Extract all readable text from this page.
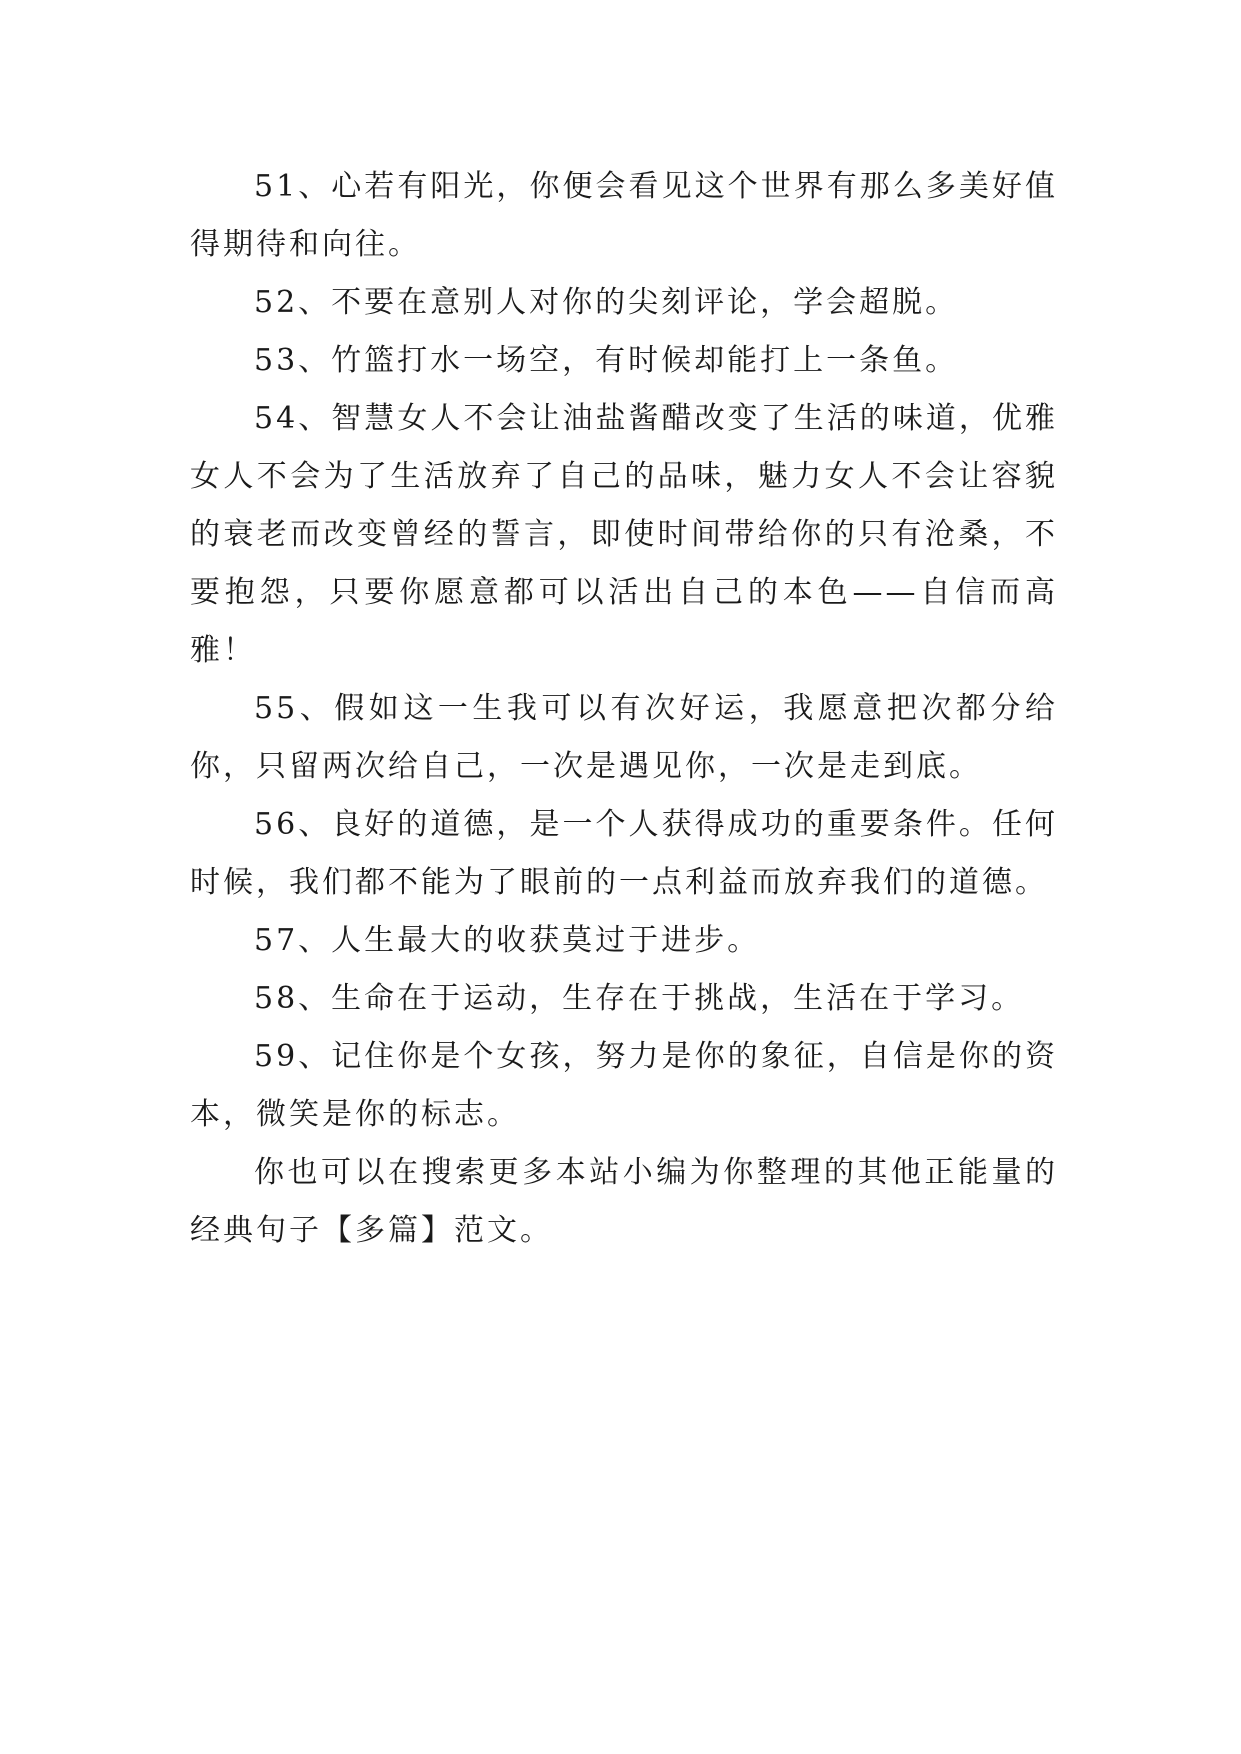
51、心若有阳光，你便会看见这个世界有那么多美好值得期待和向往。

52、不要在意别人对你的尖刻评论，学会超脱。

53、竹篮打水一场空，有时候却能打上一条鱼。

54、智慧女人不会让油盐酱醋改变了生活的味道，优雅女人不会为了生活放弃了自己的品味，魅力女人不会让容貌的衰老而改变曾经的誓言，即使时间带给你的只有沧桑，不要抱怨，只要你愿意都可以活出自己的本色——自信而高雅！

55、假如这一生我可以有次好运，我愿意把次都分给你，只留两次给自己，一次是遇见你，一次是走到底。

56、良好的道德，是一个人获得成功的重要条件。任何时候，我们都不能为了眼前的一点利益而放弃我们的道德。

57、人生最大的收获莫过于进步。

58、生命在于运动，生存在于挑战，生活在于学习。

59、记住你是个女孩，努力是你的象征，自信是你的资本，微笑是你的标志。

你也可以在搜索更多本站小编为你整理的其他正能量的经典句子【多篇】范文。
